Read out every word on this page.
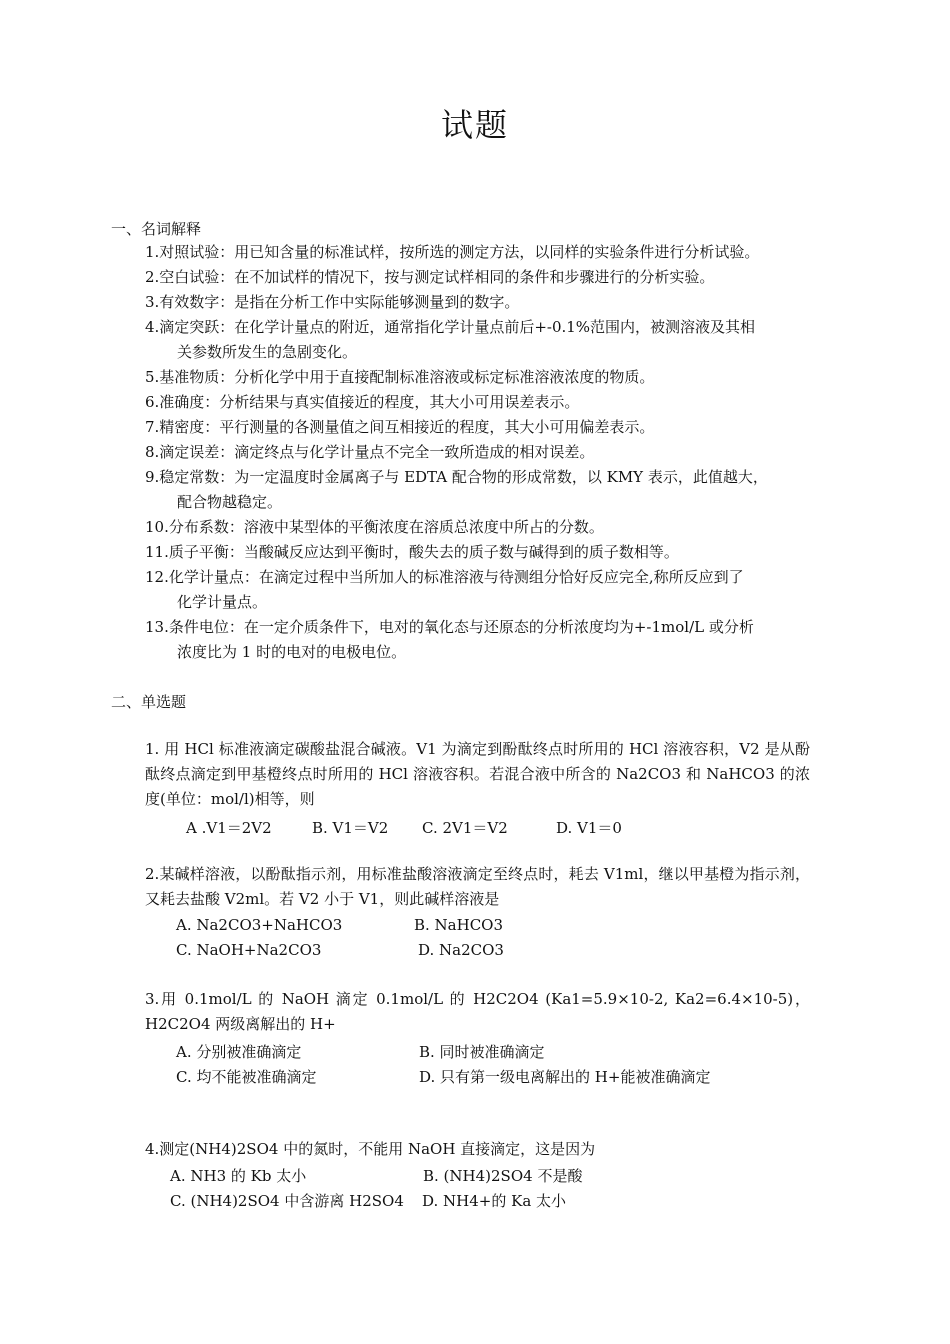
试题
一、名词解释
1.对照试验：用已知含量的标准试样，按所选的测定方法，以同样的实验条件进行分析试验。
2.空白试验：在不加试样的情况下，按与测定试样相同的条件和步骤进行的分析实验。
3.有效数字：是指在分析工作中实际能够测量到的数字。
4.滴定突跃：在化学计量点的附近，通常指化学计量点前后+-0.1%范围内，被测溶液及其相
关参数所发生的急剧变化。
5.基准物质：分析化学中用于直接配制标准溶液或标定标准溶液浓度的物质。
6.准确度：分析结果与真实值接近的程度，其大小可用误差表示。
7.精密度：平行测量的各测量值之间互相接近的程度，其大小可用偏差表示。
8.滴定误差：滴定终点与化学计量点不完全一致所造成的相对误差。
9.稳定常数：为一定温度时金属离子与 EDTA 配合物的形成常数，以 KMY 表示，此值越大，
配合物越稳定。
10.分布系数：溶液中某型体的平衡浓度在溶质总浓度中所占的分数。
11.质子平衡：当酸碱反应达到平衡时，酸失去的质子数与碱得到的质子数相等。
12.化学计量点：在滴定过程中当所加人的标准溶液与待测组分恰好反应完全,称所反应到了
化学计量点。
13.条件电位：在一定介质条件下，电对的氧化态与还原态的分析浓度均为+-1mol/L 或分析
浓度比为 1 时的电对的电极电位。
二、单选题
1. 用 HCl 标准液滴定碳酸盐混合碱液。V1 为滴定到酚酞终点时所用的 HCl 溶液容积，V2 是从酚酞终点滴定到甲基橙终点时所用的 HCl 溶液容积。若混合液中所含的 Na2CO3 和 NaHCO3 的浓度(单位：mol/l)相等，则
A .V1＝2V2	B. V1＝V2 C. 2V1＝V2	D. V1＝0
2.某碱样溶液，以酚酞指示剂，用标准盐酸溶液滴定至终点时，耗去 V1ml，继以甲基橙为指示剂，又耗去盐酸 V2ml。若 V2 小于 V1，则此碱样溶液是
A. Na2CO3+NaHCO3	B. NaHCO3
C. NaOH+Na2CO3	D. Na2CO3
3.用 0.1mol/L 的 NaOH 滴定 0.1mol/L 的 H2C2O4 (Ka1=5.9×10-2, Ka2=6.4×10-5)，H2C2O4 两级离解出的 H+
A. 分别被准确滴定	B. 同时被准确滴定
C. 均不能被准确滴定	D. 只有第一级电离解出的 H+能被准确滴定
4.测定(NH4)2SO4 中的氮时，不能用 NaOH 直接滴定，这是因为
A. NH3 的 Kb 太小	B. (NH4)2SO4 不是酸
C. (NH4)2SO4 中含游离 H2SO4 D. NH4+的 Ka 太小
